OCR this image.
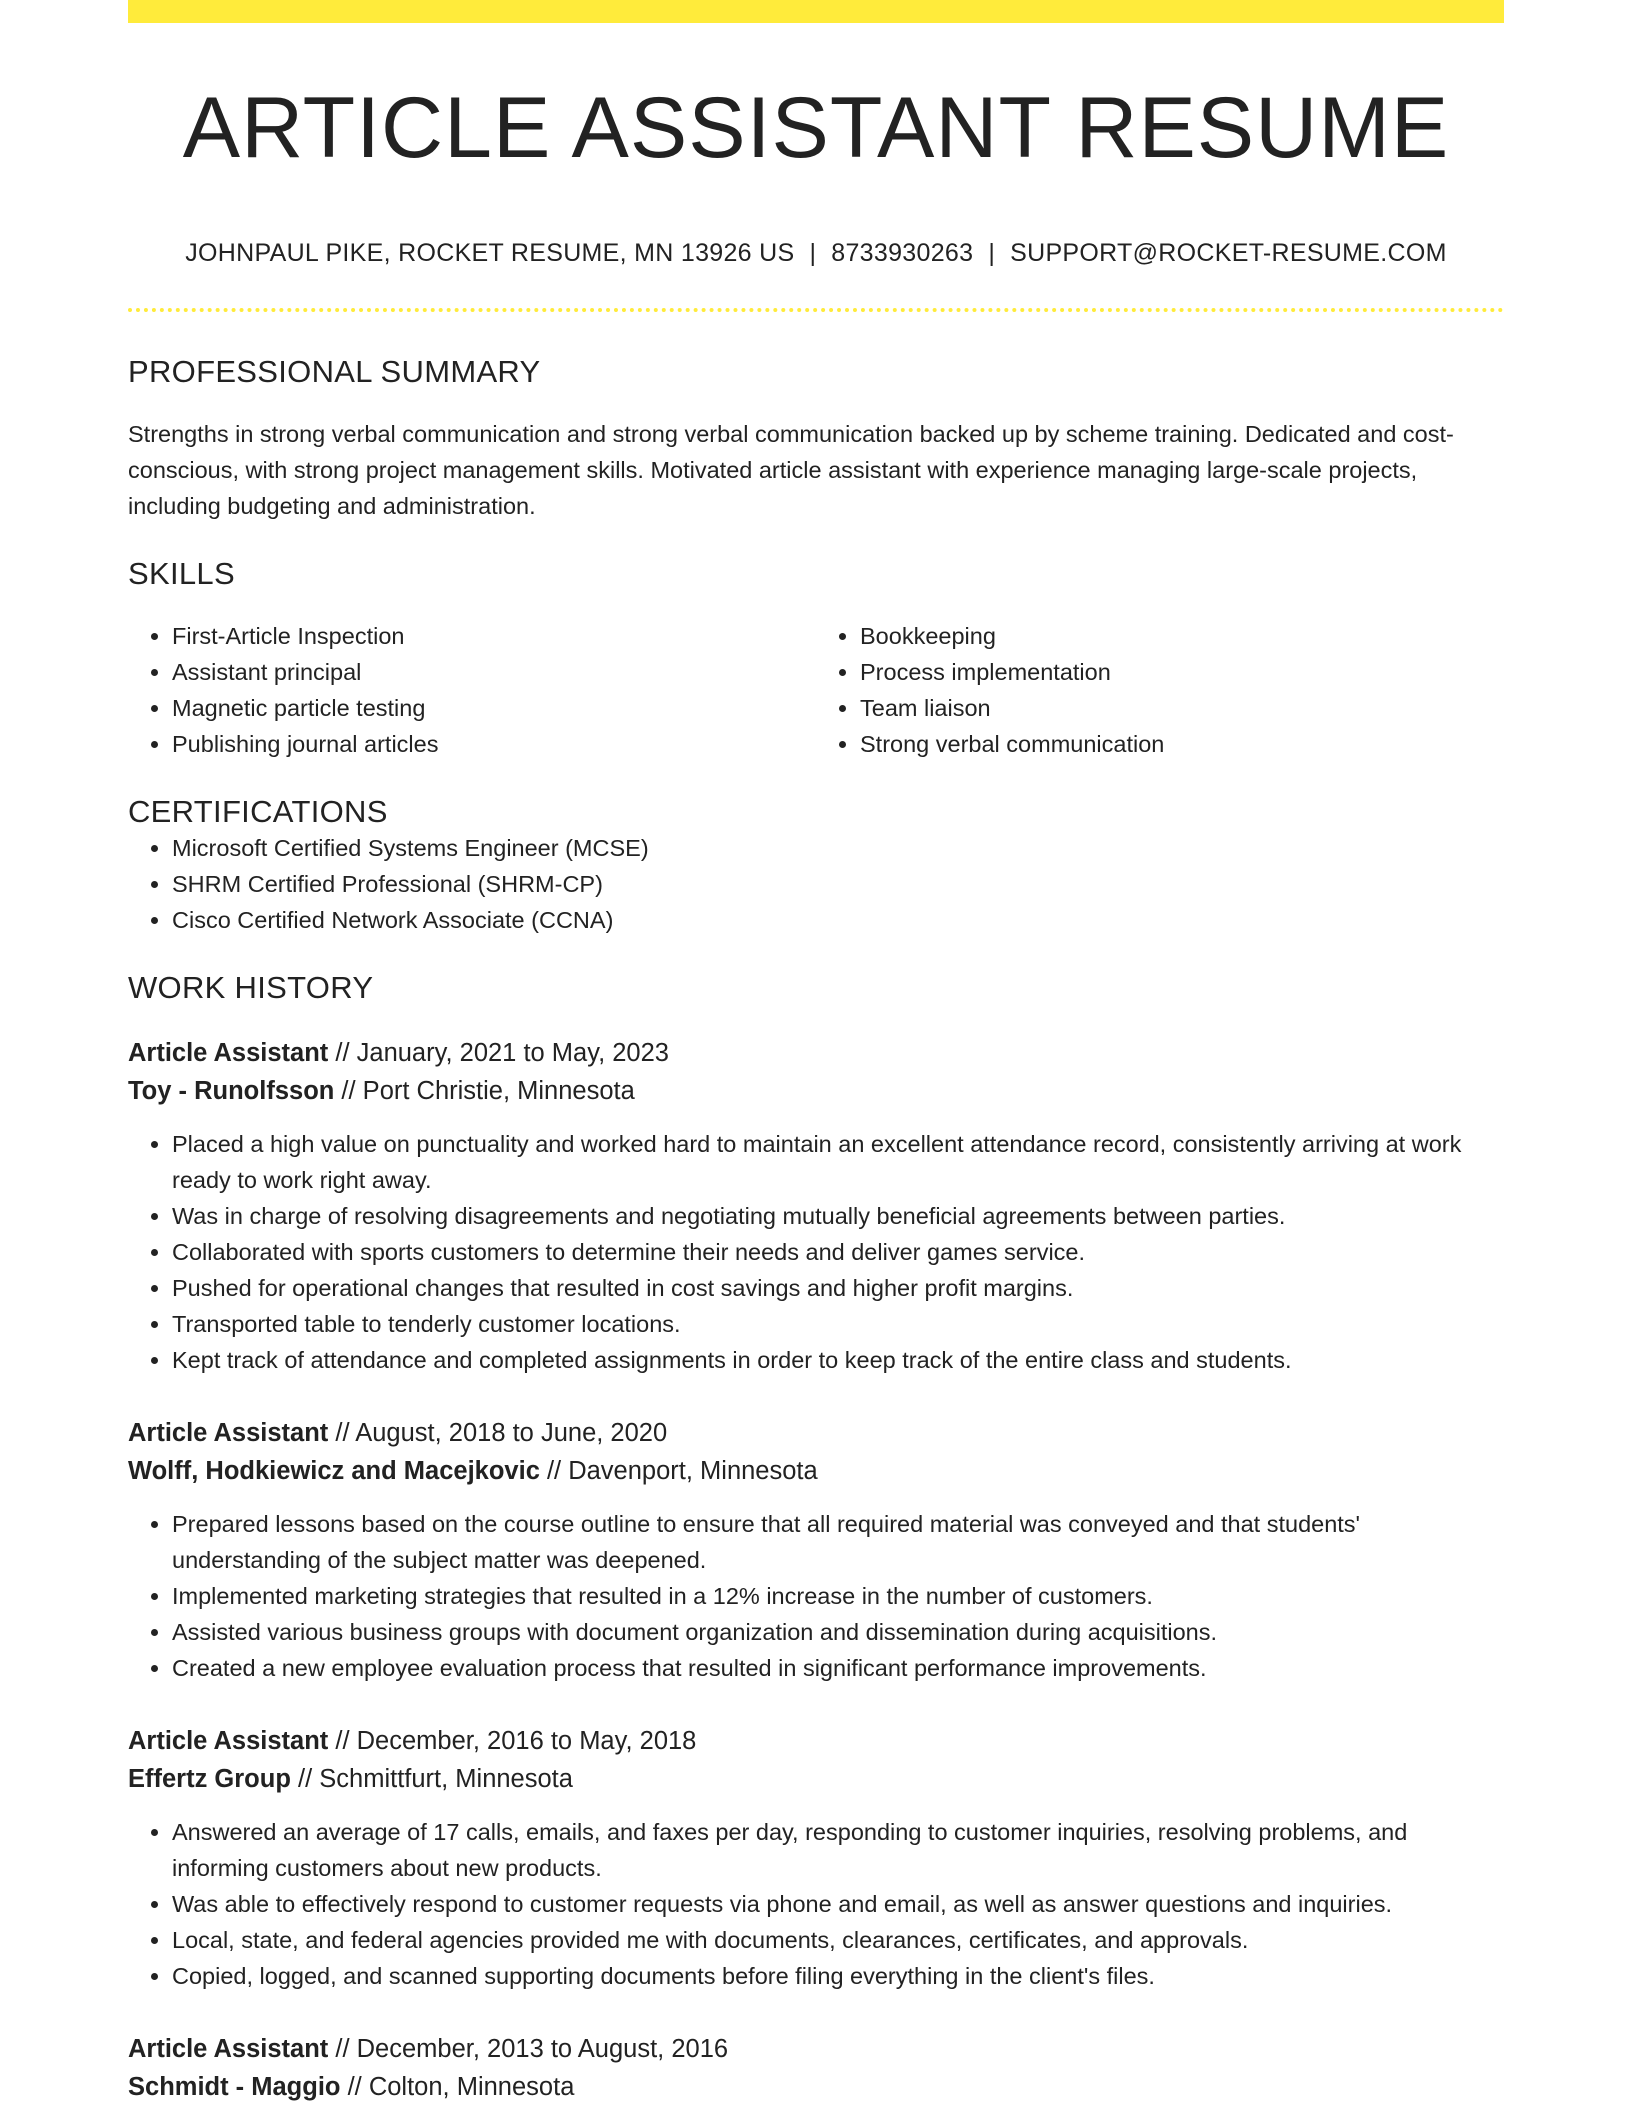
ARTICLE ASSISTANT RESUME
JOHNPAUL PIKE, ROCKET RESUME, MN 13926 US | 8733930263 | SUPPORT@ROCKET-RESUME.COM
PROFESSIONAL SUMMARY

Strengths in strong verbal communication and strong verbal communication backed up by scheme training. Dedicated and cost-conscious, with strong project management skills. Motivated article assistant with experience managing large-scale projects, including budgeting and administration.

SKILLS
• First-Article Inspection
• Assistant principal
• Magnetic particle testing
• Publishing journal articles
• Bookkeeping
• Process implementation
• Team liaison
• Strong verbal communication
CERTIFICATIONS
• Microsoft Certified Systems Engineer (MCSE)
• SHRM Certified Professional (SHRM-CP)
• Cisco Certified Network Associate (CCNA)
WORK HISTORY
Article Assistant // January, 2021 to May, 2023
Toy - Runolfsson // Port Christie, Minnesota
• Placed a high value on punctuality and worked hard to maintain an excellent attendance record, consistently arriving at work ready to work right away.
• Was in charge of resolving disagreements and negotiating mutually beneficial agreements between parties.
• Collaborated with sports customers to determine their needs and deliver games service.
• Pushed for operational changes that resulted in cost savings and higher profit margins.
• Transported table to tenderly customer locations.
• Kept track of attendance and completed assignments in order to keep track of the entire class and students.
Article Assistant // August, 2018 to June, 2020
Wolff, Hodkiewicz and Macejkovic // Davenport, Minnesota
• Prepared lessons based on the course outline to ensure that all required material was conveyed and that students' understanding of the subject matter was deepened.
• Implemented marketing strategies that resulted in a 12% increase in the number of customers.
• Assisted various business groups with document organization and dissemination during acquisitions.
• Created a new employee evaluation process that resulted in significant performance improvements.
Article Assistant // December, 2016 to May, 2018
Effertz Group // Schmittfurt, Minnesota
• Answered an average of 17 calls, emails, and faxes per day, responding to customer inquiries, resolving problems, and informing customers about new products.
• Was able to effectively respond to customer requests via phone and email, as well as answer questions and inquiries.
• Local, state, and federal agencies provided me with documents, clearances, certificates, and approvals.
• Copied, logged, and scanned supporting documents before filing everything in the client's files.
Article Assistant // December, 2013 to August, 2016
Schmidt - Maggio // Colton, Minnesota
